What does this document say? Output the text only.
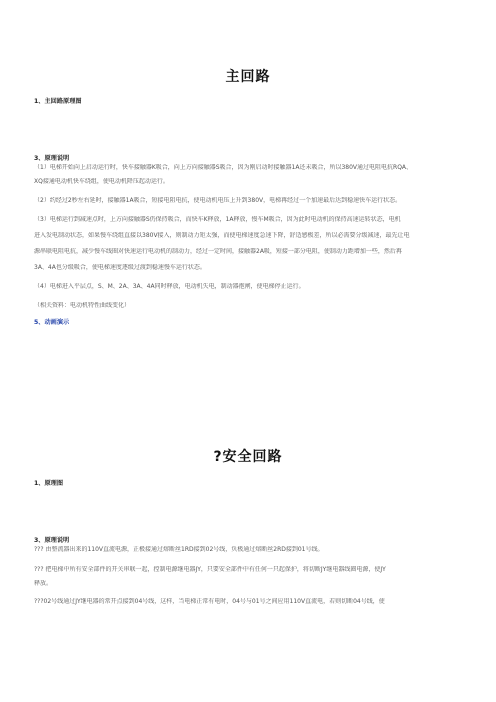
主回路
1、主回路原理图
3、原理说明
（1）电梯开始向上启动运行时，快车接触器K吸合，向上方向接触器S吸合，因为刚启动时接触器1A还未吸合，所以380V通过电阻电抗RQA、
XQ接通电动机快车绕组，使电动机降压起动运行。
（2）约经过2秒左右延时，接触器1A吸合，短接电阻电抗，使电动机电压上升到380V，电梯再经过一个加速最后达到稳速快车运行状态。
（3）电梯运行到减速点时，上方向接触器S仍保持吸合，而快车K释放，1A释放，慢车M吸合，因为此时电动机的保持高速运转状态，电机
进入发电制动状态，如果慢车绕组直接以380V接入，则制动力矩太强，而使电梯速度急速下降，舒适感极差，所以必需要分级减速，最先让电
源串联电阻电抗，减少慢车线圈对快速运行电动机的制动力，经过一定时间，接触器2A吸，短接一部分电阻，使制动力距增加一些，然后再
3A、4A也分级吸合，使电梯速度逐级过渡到稳速慢车运行状态。
（4）电梯进入平层点，S、M、2A、3A、4A同时释放，电动机失电，制动器抱闸，使电梯停止运行。
（相关资料：电动机特性曲线变化）
5、动画演示
?安全回路
1、原理图
3、原理说明
??? 由整流器出来的110V直流电源，正极接通过熔断丝1RD接到02号线，负极通过熔断丝2RD接到01号线。
??? 把电梯中所有安全部件的开关串联一起，控制电源继电器JY，只要安全部件中有任何一只起保护，将切断JY继电器线圈电源，使JY
释放。
???02号线通过JY继电器的常开点接到04号线，这样，当电梯正常有电时，04号与01号之间应用110V直流电，若则切断04号线，使
